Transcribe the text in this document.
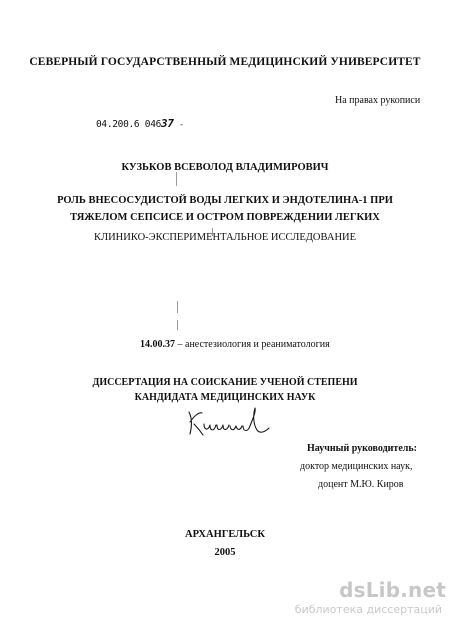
СЕВЕРНЫЙ ГОСУДАРСТВЕННЫЙ МЕДИЦИНСКИЙ УНИВЕРСИТЕТ
На правах рукописи
04.200.6 04637 -
КУЗЬКОВ ВСЕВОЛОД ВЛАДИМИРОВИЧ
РОЛЬ ВНЕСОСУДИСТОЙ ВОДЫ ЛЕГКИХ И ЭНДОТЕЛИНА-1 ПРИ
ТЯЖЕЛОМ СЕПСИСЕ И ОСТРОМ ПОВРЕЖДЕНИИ ЛЕГКИХ
КЛИНИКО-ЭКСПЕРИМЕНТАЛЬНОЕ ИССЛЕДОВАНИЕ
14.00.37 – анестезиология и реаниматология
ДИССЕРТАЦИЯ НА СОИСКАНИЕ УЧЕНОЙ СТЕПЕНИ
КАНДИДАТА МЕДИЦИНСКИХ НАУК
Научный руководитель:
доктор медицинских наук,
доцент М.Ю. Киров
АРХАНГЕЛЬСК
2005
dsLib.net
библиотека диссертаций
